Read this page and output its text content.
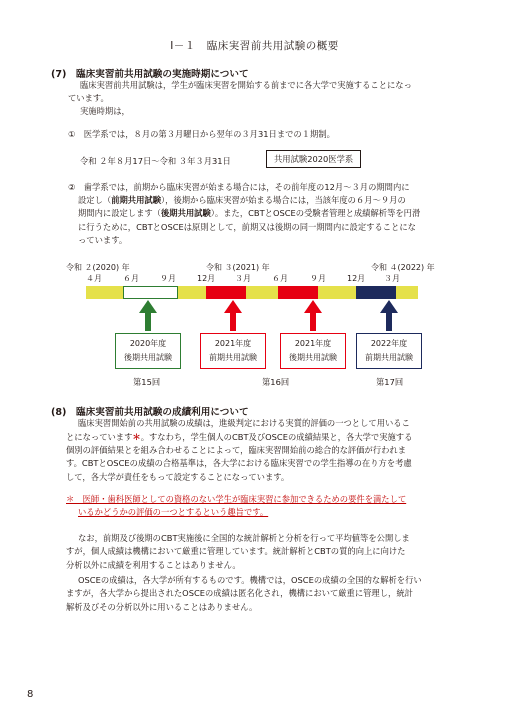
Ⅰ－１　臨床実習前共用試験の概要
(7)　臨床実習前共用試験の実施時期について
臨床実習前共用試験は，学生が臨床実習を開始する前までに各大学で実施することになっ
ています。
実施時期は，
①　医学系では，８月の第３月曜日から翌年の３月31日までの１期制。
令和 ２年８月17日～令和 ３年３月31日	共用試験2020医学系
②　歯学系では，前期から臨床実習が始まる場合には，その前年度の12月～３月の期間内に
設定し（前期共用試験），後期から臨床実習が始まる場合には，当該年度の６月～９月の
期間内に設定します（後期共用試験）。また，CBTとOSCEの受験者管理と成績解析等を円滑
に行うために，CBTとOSCEは原則として，前期又は後期の同一期間内に設定することにな
っています。
令和 ２(2020) 年	令和 ３(2021) 年	令和 ４(2022) 年
４月	６月	９月	12月 ３月	６月	９月	12月 ３月
2020年度
後期共用試験
2021年度
前期共用試験
2021年度
後期共用試験
2022年度
前期共用試験
第15回	第16回	第17回
(8)　臨床実習前共用試験の成績利用について
臨床実習開始前の共用試験の成績は，進級判定における実質的評価の一つとして用いるこ
とになっています＊。すなわち，学生個人のCBT及びOSCEの成績結果と，各大学で実施する
個別の評価結果とを組み合わせることによって，臨床実習開始前の総合的な評価が行われま
す。CBTとOSCEの成績の合格基準は，各大学における臨床実習での学生指導の在り方を考慮
して，各大学が責任をもって設定することになっています。
＊　医師・歯科医師としての資格のない学生が臨床実習に参加できるための要件を満たして
いるかどうかの評価の一つとするという趣旨です。
なお，前期及び後期のCBT実施後に全国的な統計解析と分析を行って平均値等を公開しま
すが，個人成績は機構において厳重に管理しています。統計解析とCBTの質的向上に向けた
分析以外に成績を利用することはありません。
OSCEの成績は，各大学が所有するものです。機構では，OSCEの成績の全国的な解析を行い
ますが，各大学から提出されたOSCEの成績は匿名化され，機構において厳重に管理し，統計
解析及びその分析以外に用いることはありません。
8
